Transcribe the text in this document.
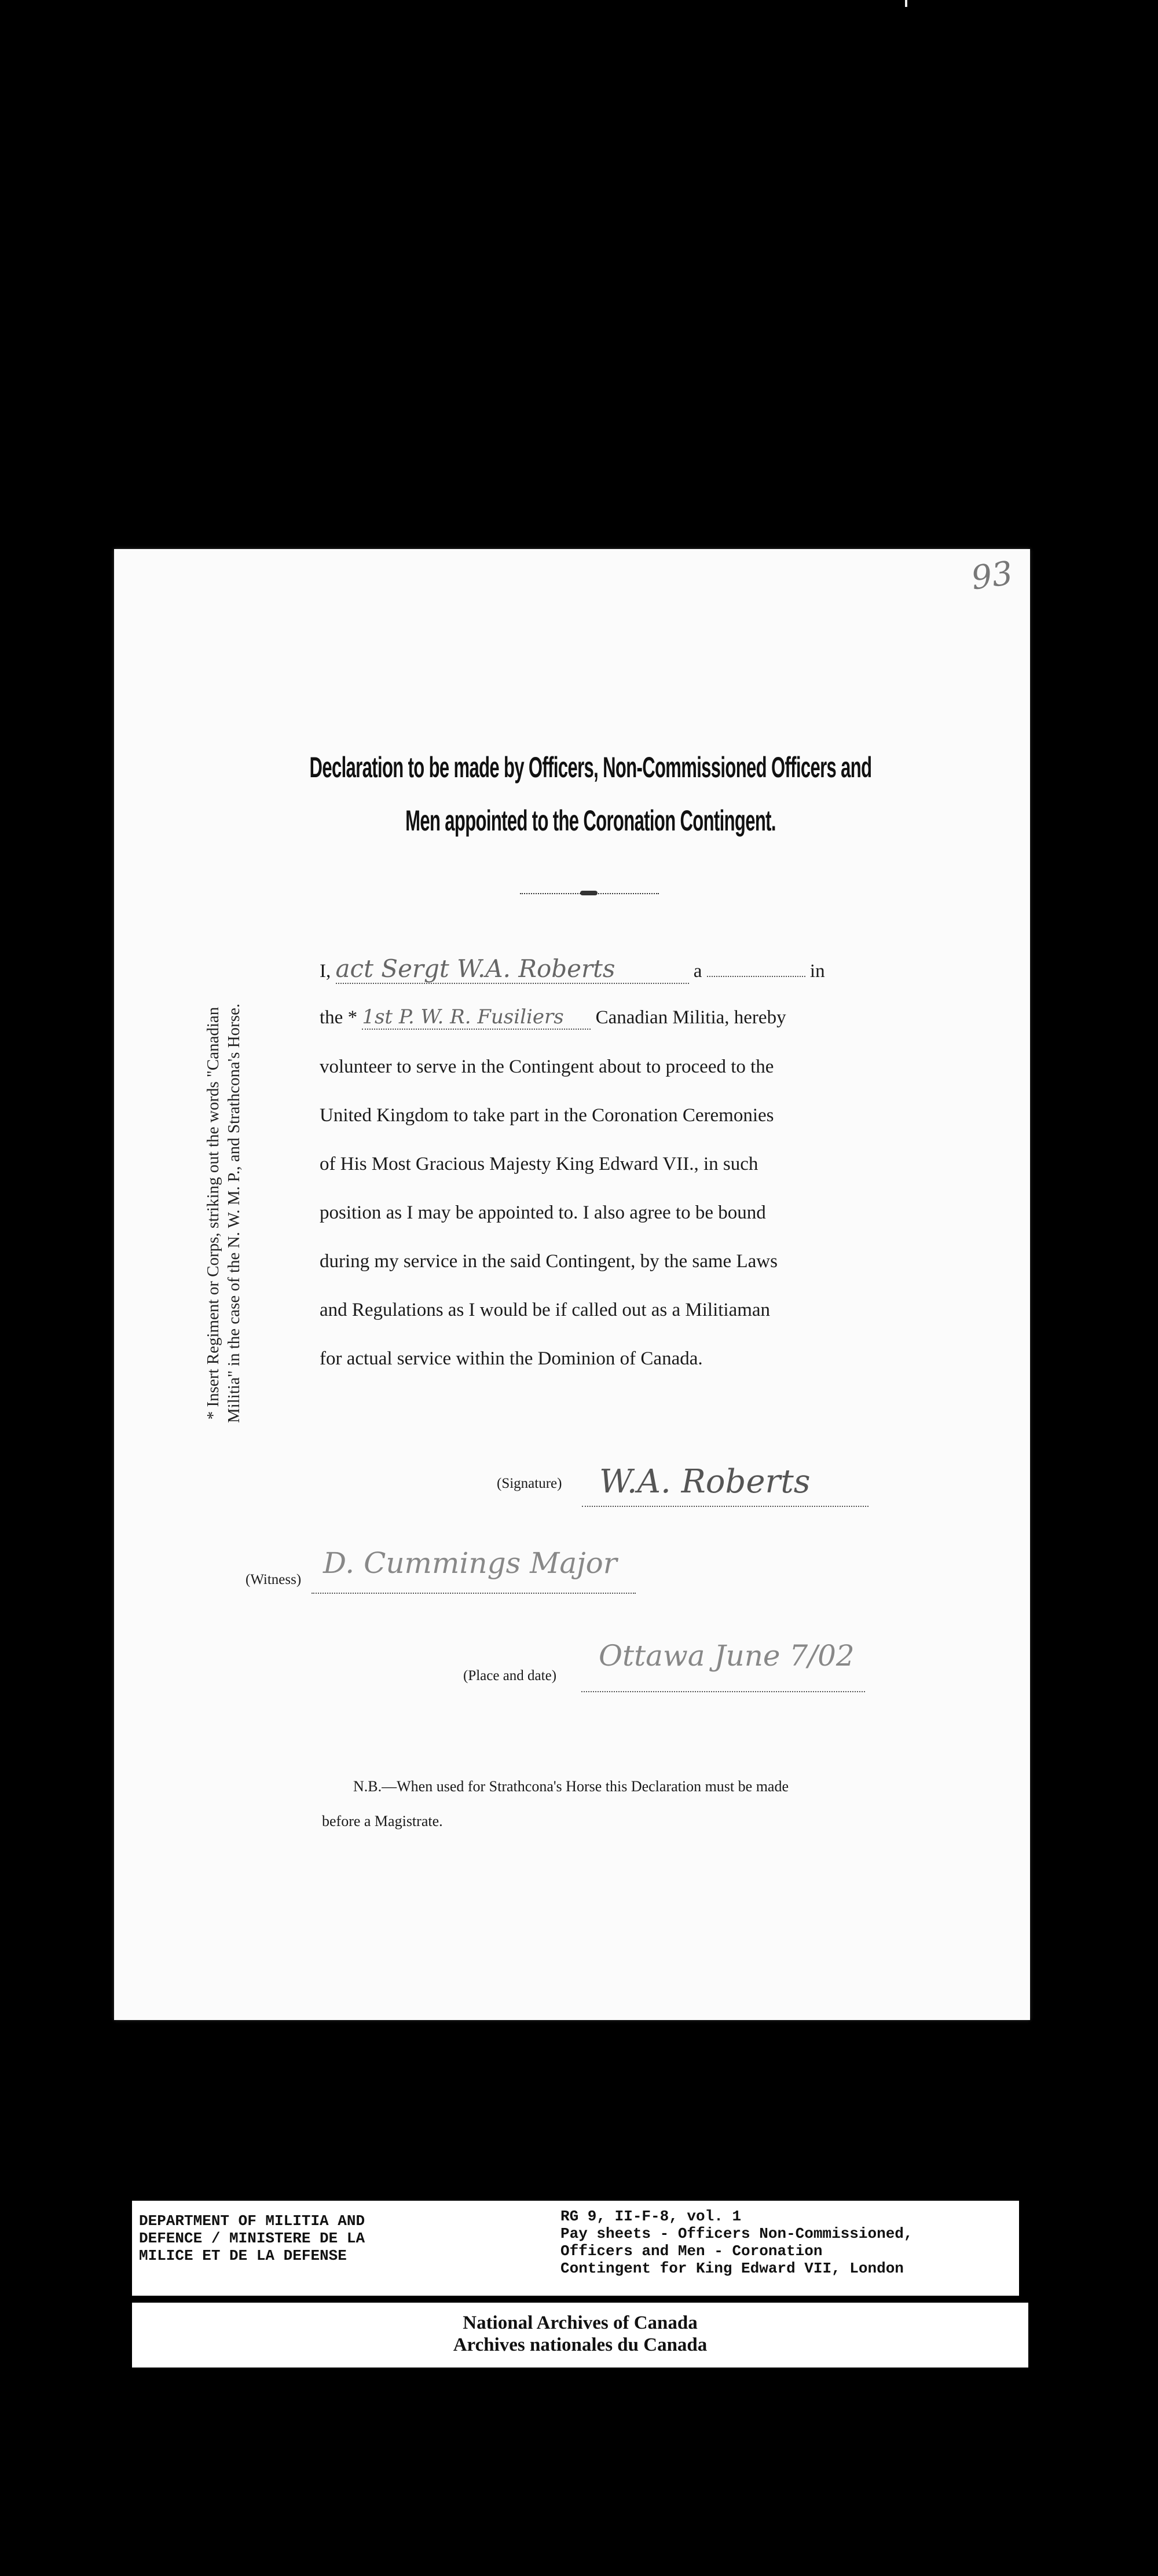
93
Declaration to be made by Officers, Non-Commissioned Officers and
Men appointed to the Coronation Contingent.
* Insert Regiment or Corps, striking out the words "Canadian Militia" in the case of the N. W. M. P., and Strathcona's Horse.
I, act Sergt W.A. Roberts	a	in
the * 1st P. W. R. Fusiliers Canadian Militia, hereby
volunteer to serve in the Contingent about to proceed to the
United Kingdom to take part in the Coronation Ceremonies
of His Most Gracious Majesty King Edward VII., in such
position as I may be appointed to. I also agree to be bound
during my service in the said Contingent, by the same Laws
and Regulations as I would be if called out as a Militiaman
for actual service within the Dominion of Canada.
(Signature) W.A. Roberts
(Witness) D. Cummings Major
(Place and date)
Ottawa June 7/02
N.B.—When used for Strathcona's Horse this Declaration must be made
before a Magistrate.
DEPARTMENT OF MILITIA AND
DEFENCE / MINISTERE DE LA
MILICE ET DE LA DEFENSE
RG 9, II-F-8, vol. 1
Pay sheets - Officers Non-Commissioned,
Officers and Men - Coronation
Contingent for King Edward VII, London
National Archives of Canada
Archives nationales du Canada
